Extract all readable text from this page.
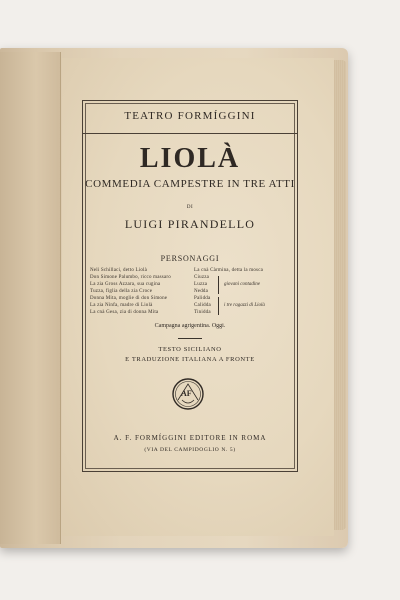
TEATRO FORMÍGGINI
LIOLÀ
COMMEDIA CAMPESTRE IN TRE ATTI
DI
LUIGI PIRANDELLO
PERSONAGGI
Neli Schillaci, detto Liolà
Don Simone Palumbo, ricco massaro
La zia Gross Azzara, sua cugina
Tuzza, figlia della zia Croce
Donna Mita, moglie di don Simone
La zia Ninfa, madre di Liolà
La cnà Gesa, zia di donna Mita
La cnà Càrmina, detta la mosca
Ciuzza
Luzza
Nedda
giovani contadine
Palidda
Calidda
Tinidda
i tre ragazzi di Liolà
Campagna agrigentina. Oggi.
TESTO SICILIANO
E TRADUZIONE ITALIANA A FRONTE
AF
A. F. FORMÍGGINI EDITORE IN ROMA
(VIA DEL CAMPIDOGLIO N. 5)
